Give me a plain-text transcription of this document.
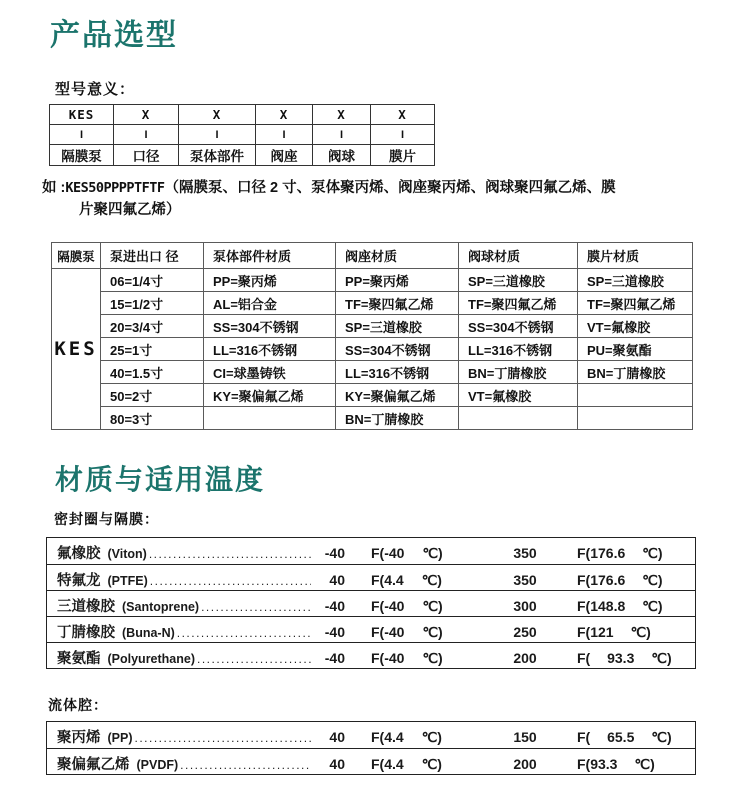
产品选型
型号意义：
KES	X	X	X	X	X
I	I	I	I	I	I
隔膜泵	口径	泵体部件	阀座	阀球	膜片
如 :KES50PPPPTFTF（隔膜泵、口径 2 寸、泵体聚丙烯、阀座聚丙烯、阀球聚四氟乙烯、膜
片聚四氟乙烯）
隔膜泵	泵进出口 径	泵体部件材质	阀座材质	阀球材质	膜片材质
KES	06=1/4寸	PP=聚丙烯	PP=聚丙烯	SP=三道橡胶	SP=三道橡胶
	15=1/2寸	AL=铝合金	TF=聚四氟乙烯	TF=聚四氟乙烯	TF=聚四氟乙烯
	20=3/4寸	SS=304不锈钢	SP=三道橡胶	SS=304不锈钢	VT=氟橡胶
	25=1寸	LL=316不锈钢	SS=304不锈钢	LL=316不锈钢	PU=聚氨酯
	40=1.5寸	CI=球墨铸铁	LL=316不锈钢	BN=丁腈橡胶	BN=丁腈橡胶
	50=2寸	KY=聚偏氟乙烯	KY=聚偏氟乙烯	VT=氟橡胶	
	80=3寸		BN=丁腈橡胶		
材质与适用温度
密封圈与隔膜：
氟橡胶 (Viton) .....	-40	F(-40 ℃)	350	F(176.6 ℃)
特氟龙 (PTFE) .....	40	F(4.4 ℃)	350	F(176.6 ℃)
三道橡胶 (Santoprene) .....	-40	F(-40 ℃)	300	F(148.8 ℃)
丁腈橡胶 (Buna-N) .....	-40	F(-40 ℃)	250	F(121 ℃)
聚氨酯 (Polyurethane) .....	-40	F(-40 ℃)	200	F( 93.3 ℃)
流体腔：
聚丙烯 (PP) .....	40	F(4.4 ℃)	150	F( 65.5 ℃)
聚偏氟乙烯 (PVDF) .....	40	F(4.4 ℃)	200	F(93.3 ℃)
